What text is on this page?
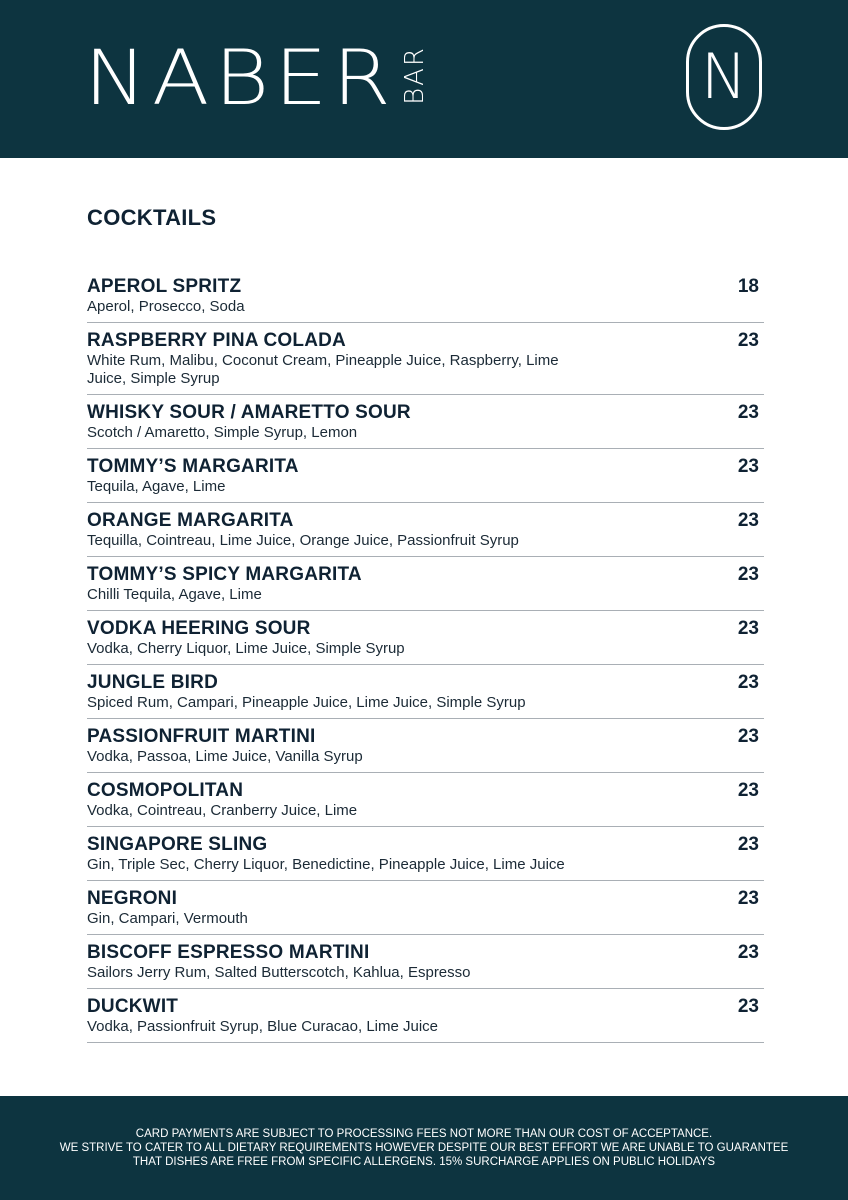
NABER BAR	N
COCKTAILS
APEROL SPRITZ
Aperol, Prosecco, Soda
18
RASPBERRY PINA COLADA
White Rum, Malibu, Coconut Cream, Pineapple Juice, Raspberry, Lime Juice, Simple Syrup
23
WHISKY SOUR / AMARETTO SOUR
Scotch / Amaretto, Simple Syrup, Lemon
23
TOMMY’S MARGARITA
Tequila, Agave, Lime
23
ORANGE MARGARITA
Tequilla, Cointreau, Lime Juice, Orange Juice, Passionfruit Syrup
23
TOMMY’S SPICY MARGARITA
Chilli Tequila, Agave, Lime
23
VODKA HEERING SOUR
Vodka, Cherry Liquor, Lime Juice, Simple Syrup
23
JUNGLE BIRD
Spiced Rum, Campari, Pineapple Juice, Lime Juice, Simple Syrup
23
PASSIONFRUIT MARTINI
Vodka, Passoa, Lime Juice, Vanilla Syrup
23
COSMOPOLITAN
Vodka, Cointreau, Cranberry Juice, Lime
23
SINGAPORE SLING
Gin, Triple Sec, Cherry Liquor, Benedictine, Pineapple Juice, Lime Juice
23
NEGRONI
Gin, Campari, Vermouth
23
BISCOFF ESPRESSO MARTINI
Sailors Jerry Rum, Salted Butterscotch, Kahlua, Espresso
23
DUCKWIT
Vodka, Passionfruit Syrup, Blue Curacao, Lime Juice
23
CARD PAYMENTS ARE SUBJECT TO PROCESSING FEES NOT MORE THAN OUR COST OF ACCEPTANCE.
WE STRIVE TO CATER TO ALL DIETARY REQUIREMENTS HOWEVER DESPITE OUR BEST EFFORT WE ARE UNABLE TO GUARANTEE
THAT DISHES ARE FREE FROM SPECIFIC ALLERGENS. 15% SURCHARGE APPLIES ON PUBLIC HOLIDAYS
